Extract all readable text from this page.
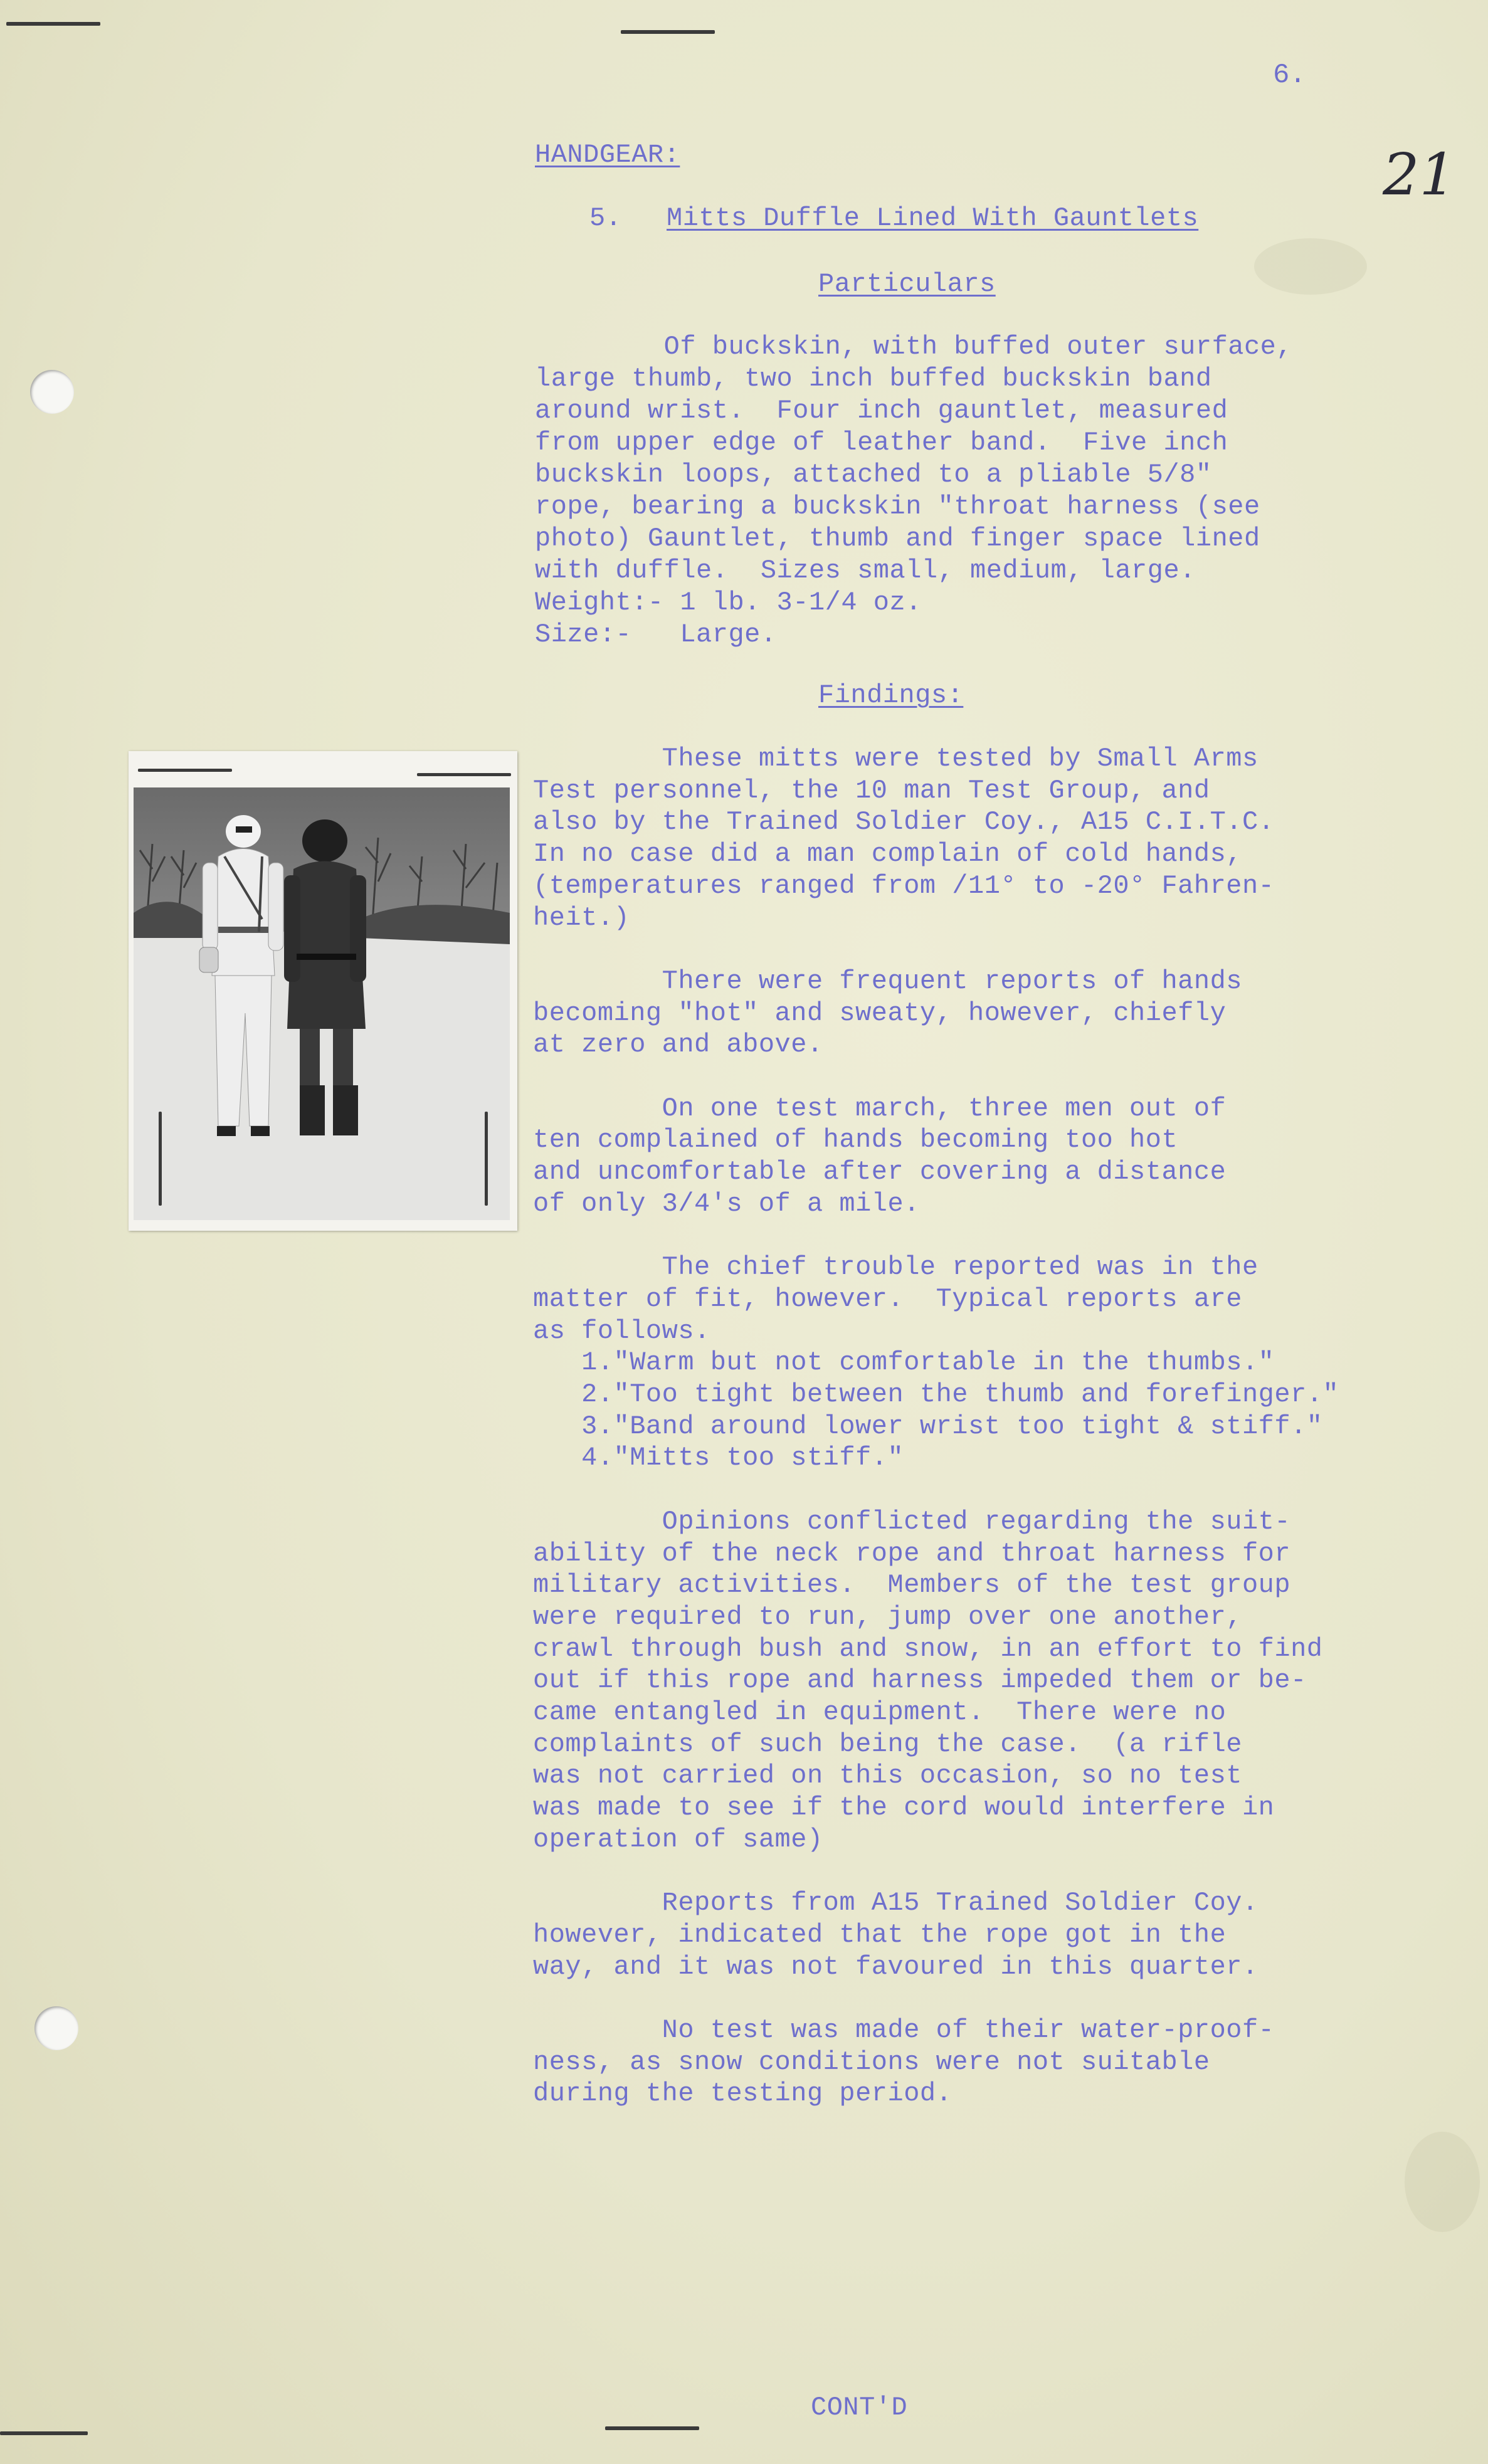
6.
21
HANDGEAR:
5. Mitts Duffle Lined With Gauntlets
Particulars
Of buckskin, with buffed outer surface,
large thumb, two inch buffed buckskin band
around wrist.  Four inch gauntlet, measured
from upper edge of leather band.  Five inch
buckskin loops, attached to a pliable 5/8"
rope, bearing a buckskin "throat harness (see
photo) Gauntlet, thumb and finger space lined
with duffle.  Sizes small, medium, large.
Weight:- 1 lb. 3-1/4 oz.
Size:-   Large.
Findings:
These mitts were tested by Small Arms
Test personnel, the 10 man Test Group, and
also by the Trained Soldier Coy., A15 C.I.T.C.
In no case did a man complain of cold hands,
(temperatures ranged from /11° to -20° Fahren-
heit.)
There were frequent reports of hands
becoming "hot" and sweaty, however, chiefly
at zero and above.
On one test march, three men out of
ten complained of hands becoming too hot
and uncomfortable after covering a distance
of only 3/4's of a mile.
The chief trouble reported was in the
matter of fit, however.  Typical reports are
as follows.
1."Warm but not comfortable in the thumbs."
2."Too tight between the thumb and forefinger."
3."Band around lower wrist too tight & stiff."
4."Mitts too stiff."
Opinions conflicted regarding the suit-
ability of the neck rope and throat harness for
military activities.  Members of the test group
were required to run, jump over one another,
crawl through bush and snow, in an effort to find
out if this rope and harness impeded them or be-
came entangled in equipment.  There were no
complaints of such being the case.  (a rifle
was not carried on this occasion, so no test
was made to see if the cord would interfere in
operation of same)
Reports from A15 Trained Soldier Coy.
however, indicated that the rope got in the
way, and it was not favoured in this quarter.
No test was made of their water-proof-
ness, as snow conditions were not suitable
during the testing period.
CONT'D
